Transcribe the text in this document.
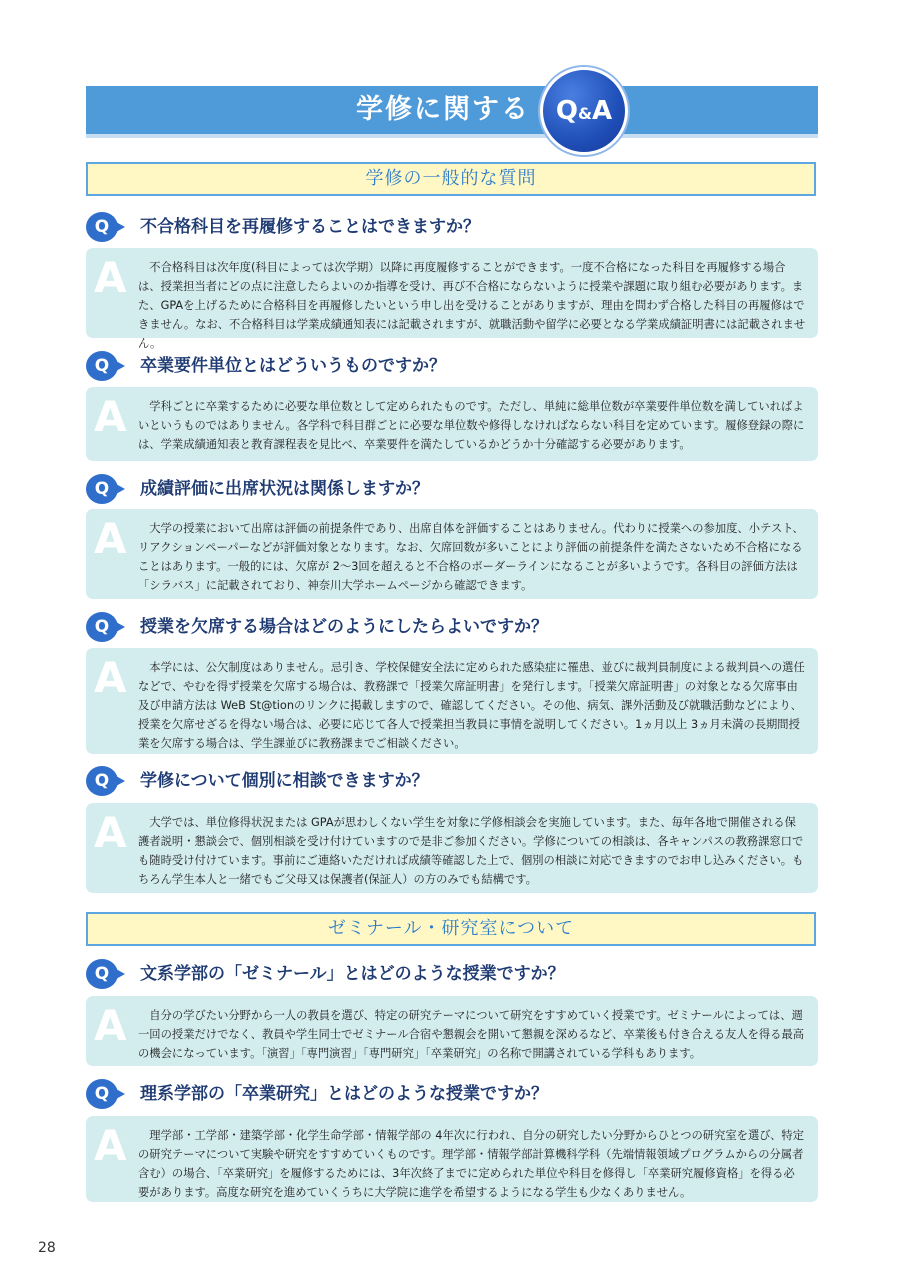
学修に関する Q&A
学修の一般的な質問
Q	不合格科目を再履修することはできますか？
A	不合格科目は次年度(科目によっては次学期）以降に再度履修することができます。一度不合格になった科目を再履修する場合は、授業担当者にどの点に注意したらよいのか指導を受け、再び不合格にならないように授業や課題に取り組む必要があります。また、GPAを上げるために合格科目を再履修したいという申し出を受けることがありますが、理由を問わず合格した科目の再履修はできません。なお、不合格科目は学業成績通知表には記載されますが、就職活動や留学に必要となる学業成績証明書には記載されません。

Q	卒業要件単位とはどういうものですか？
A	学科ごとに卒業するために必要な単位数として定められたものです。ただし、単純に総単位数が卒業要件単位数を満していればよいというものではありません。各学科で科目群ごとに必要な単位数や修得しなければならない科目を定めています。履修登録の際には、学業成績通知表と教育課程表を見比べ、卒業要件を満たしているかどうか十分確認する必要があります。

Q	成績評価に出席状況は関係しますか？
A	大学の授業において出席は評価の前提条件であり、出席自体を評価することはありません。代わりに授業への参加度、小テスト、リアクションペーパーなどが評価対象となります。なお、欠席回数が多いことにより評価の前提条件を満たさないため不合格になることはあります。一般的には、欠席が 2〜3回を超えると不合格のボーダーラインになることが多いようです。各科目の評価方法は「シラバス」に記載されており、神奈川大学ホームページから確認できます。

Q	授業を欠席する場合はどのようにしたらよいですか？
A	本学には、公欠制度はありません。忌引き、学校保健安全法に定められた感染症に罹患、並びに裁判員制度による裁判員への選任などで、やむを得ず授業を欠席する場合は、教務課で「授業欠席証明書」を発行します。「授業欠席証明書」の対象となる欠席事由及び申請方法は WeB St@tionのリンクに掲載しますので、確認してください。その他、病気、課外活動及び就職活動などにより、授業を欠席せざるを得ない場合は、必要に応じて各人で授業担当教員に事情を説明してください。1ヵ月以上 3ヵ月未満の長期間授業を欠席する場合は、学生課並びに教務課までご相談ください。

Q	学修について個別に相談できますか？
A	大学では、単位修得状況または GPAが思わしくない学生を対象に学修相談会を実施しています。また、毎年各地で開催される保護者説明・懇談会で、個別相談を受け付けていますので是非ご参加ください。学修についての相談は、各キャンパスの教務課窓口でも随時受け付けています。事前にご連絡いただければ成績等確認した上で、個別の相談に対応できますのでお申し込みください。もちろん学生本人と一緒でもご父母又は保護者(保証人）の方のみでも結構です。

ゼミナール・研究室について
Q	文系学部の「ゼミナール」とはどのような授業ですか？
A	自分の学びたい分野から一人の教員を選び、特定の研究テーマについて研究をすすめていく授業です。ゼミナールによっては、週一回の授業だけでなく、教員や学生同士でゼミナール合宿や懇親会を開いて懇親を深めるなど、卒業後も付き合える友人を得る最高の機会になっています。「演習」「専門演習」「専門研究」「卒業研究」の名称で開講されている学科もあります。

Q	理系学部の「卒業研究」とはどのような授業ですか？
A	理学部・工学部・建築学部・化学生命学部・情報学部の 4年次に行われ、自分の研究したい分野からひとつの研究室を選び、特定の研究テーマについて実験や研究をすすめていくものです。理学部・情報学部計算機科学科（先端情報領域プログラムからの分属者含む）の場合、「卒業研究」を履修するためには、3年次終了までに定められた単位や科目を修得し「卒業研究履修資格」を得る必要があります。高度な研究を進めていくうちに大学院に進学を希望するようになる学生も少なくありません。

28
